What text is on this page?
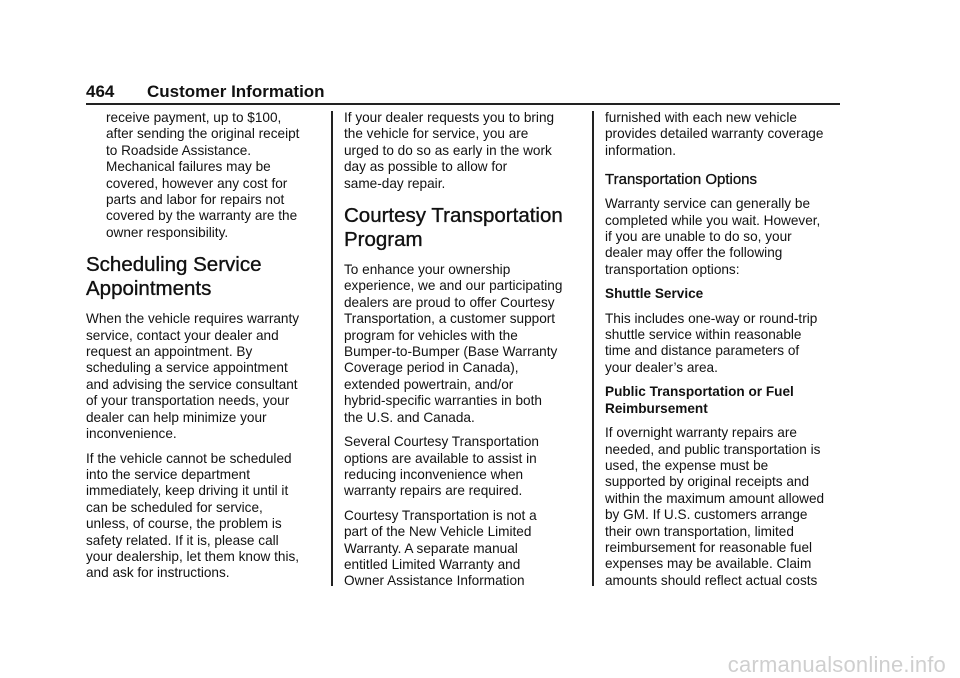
464 Customer Information

receive payment, up to $100,
after sending the original receipt
to Roadside Assistance.
Mechanical failures may be
covered, however any cost for
parts and labor for repairs not
covered by the warranty are the
owner responsibility.

Scheduling Service
Appointments

When the vehicle requires warranty
service, contact your dealer and
request an appointment. By
scheduling a service appointment
and advising the service consultant
of your transportation needs, your
dealer can help minimize your
inconvenience.

If the vehicle cannot be scheduled
into the service department
immediately, keep driving it until it
can be scheduled for service,
unless, of course, the problem is
safety related. If it is, please call
your dealership, let them know this,
and ask for instructions.

If your dealer requests you to bring
the vehicle for service, you are
urged to do so as early in the work
day as possible to allow for
same-day repair.

Courtesy Transportation
Program

To enhance your ownership
experience, we and our participating
dealers are proud to offer Courtesy
Transportation, a customer support
program for vehicles with the
Bumper-to-Bumper (Base Warranty
Coverage period in Canada),
extended powertrain, and/or
hybrid-specific warranties in both
the U.S. and Canada.

Several Courtesy Transportation
options are available to assist in
reducing inconvenience when
warranty repairs are required.

Courtesy Transportation is not a
part of the New Vehicle Limited
Warranty. A separate manual
entitled Limited Warranty and
Owner Assistance Information

furnished with each new vehicle
provides detailed warranty coverage
information.

Transportation Options

Warranty service can generally be
completed while you wait. However,
if you are unable to do so, your
dealer may offer the following
transportation options:

Shuttle Service

This includes one-way or round-trip
shuttle service within reasonable
time and distance parameters of
your dealer’s area.

Public Transportation or Fuel
Reimbursement

If overnight warranty repairs are
needed, and public transportation is
used, the expense must be
supported by original receipts and
within the maximum amount allowed
by GM. If U.S. customers arrange
their own transportation, limited
reimbursement for reasonable fuel
expenses may be available. Claim
amounts should reflect actual costs

carmanualsonline.info
